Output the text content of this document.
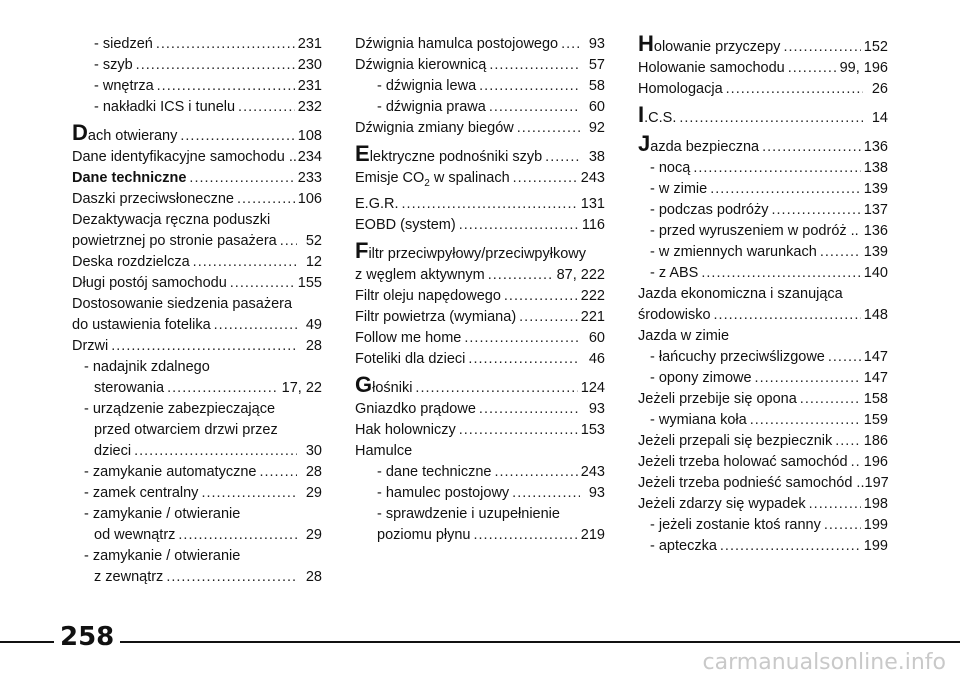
- siedzeń .....	231
- szyb .....	230
- wnętrza .....	231
- nakładki ICS i tunelu .....	232
Dach otwierany .....	108
Dane identyfikacyjne samochodu .. 234
Dane techniczne .....	233
Daszki przeciwsłoneczne .....	106
Dezaktywacja ręczna poduszki
powietrznej po stronie pasażera .....	52
Deska rozdzielcza .....	12
Długi postój samochodu .....	155
Dostosowanie siedzenia pasażera
do ustawienia fotelika .....	49
Drzwi .....	28
- nadajnik zdalnego
sterowania .....	17, 22
- urządzenie zabezpieczające
przed otwarciem drzwi przez
dzieci .....	30
- zamykanie automatyczne .....	28
- zamek centralny .....	29
- zamykanie / otwieranie
od wewnątrz .....	29
- zamykanie / otwieranie
z zewnątrz .....	28
Dźwignia hamulca postojowego .....	93
Dźwignia kierownicą .....	57
- dźwignia lewa .....	58
- dźwignia prawa .....	60
Dźwignia zmiany biegów .....	92
Elektryczne podnośniki szyb .....	38
Emisje $CO_2$ w spalinach .....	243
E.G.R. .....	131
EOBD (system) .....	116
Filtr przeciwpyłowy/przeciwpyłkowy
z węglem aktywnym .....	87, 222
Filtr oleju napędowego .....	222
Filtr powietrza (wymiana) .....	221
Follow me home .....	60
Foteliki dla dzieci .....	46
Głośniki .....	124
Gniazdko prądowe .....	93
Hak holowniczy .....	153
Hamulce
- dane techniczne .....	243
- hamulec postojowy .....	93
- sprawdzenie i uzupełnienie
poziomu płynu .....	219
Holowanie przyczepy .....	152
Holowanie samochodu .....	99, 196
Homologacja .....	26
I.C.S. .....	14
Jazda bezpieczna .....	136
- nocą .....	138
- w zimie .....	139
- podczas podróży .....	137
- przed wyruszeniem w podróż .. 136
- w zmiennych warunkach .....	139
- z ABS .....	140
Jazda ekonomiczna i szanująca
środowisko .....	148
Jazda w zimie
- łańcuchy przeciwślizgowe .....	147
- opony zimowe .....	147
Jeżeli przebije się opona .....	158
- wymiana koła .....	159
Jeżeli przepali się bezpiecznik ..... 186
Jeżeli trzeba holować samochód ..... 196
Jeżeli trzeba podnieść samochód .. 197
Jeżeli zdarzy się wypadek .....	198
- jeżeli zostanie ktoś ranny .....	199
- apteczka .....	199
258
carmanualsonline.info
